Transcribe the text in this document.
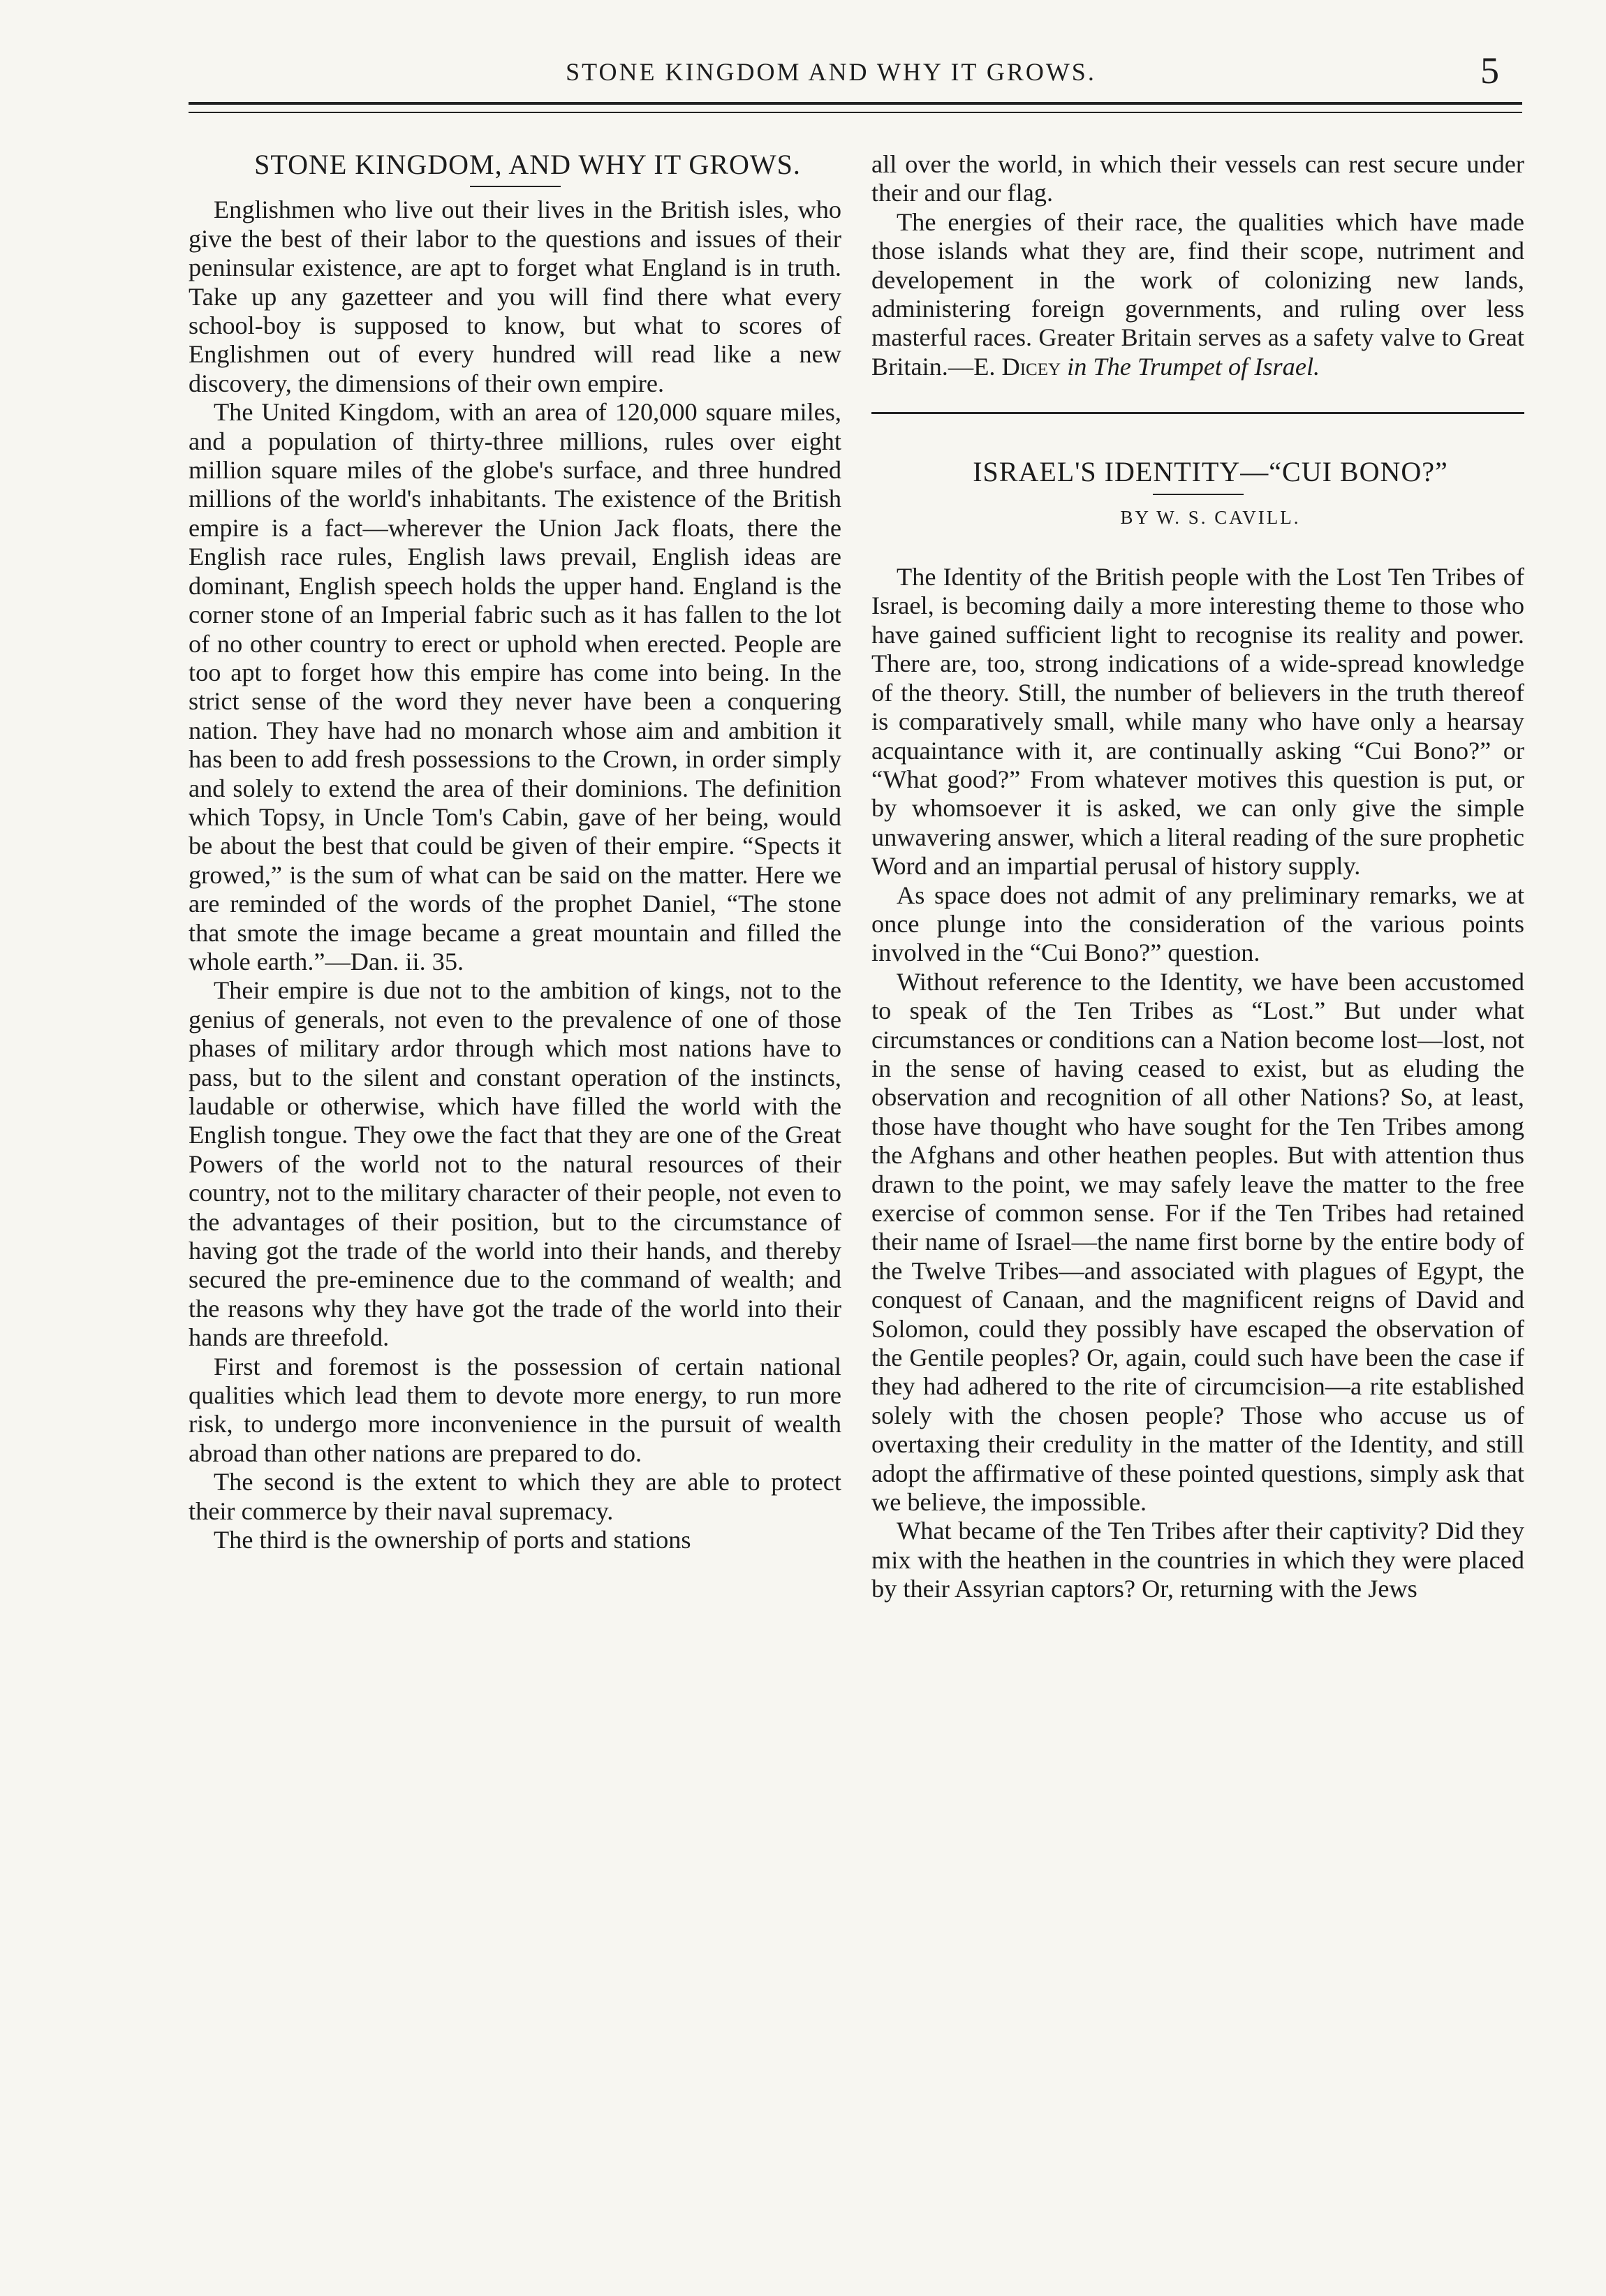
STONE KINGDOM AND WHY IT GROWS.	5

STONE KINGDOM, AND WHY IT GROWS.

Englishmen who live out their lives in the British isles, who give the best of their labor to the questions and issues of their peninsular existence, are apt to forget what England is in truth. Take up any gazetteer and you will find there what every school-boy is supposed to know, but what to scores of Englishmen out of every hundred will read like a new discovery, the dimensions of their own empire.

The United Kingdom, with an area of 120,000 square miles, and a population of thirty-three millions, rules over eight million square miles of the globe's surface, and three hundred millions of the world's inhabitants. The existence of the British empire is a fact—wherever the Union Jack floats, there the English race rules, English laws prevail, English ideas are dominant, English speech holds the upper hand. England is the corner stone of an Imperial fabric such as it has fallen to the lot of no other country to erect or uphold when erected. People are too apt to forget how this empire has come into being. In the strict sense of the word they never have been a conquering nation. They have had no monarch whose aim and ambition it has been to add fresh possessions to the Crown, in order simply and solely to extend the area of their dominions. The definition which Topsy, in Uncle Tom's Cabin, gave of her being, would be about the best that could be given of their empire. “Spects it growed,” is the sum of what can be said on the matter. Here we are reminded of the words of the prophet Daniel, “The stone that smote the image became a great mountain and filled the whole earth.”—Dan. ii. 35.

Their empire is due not to the ambition of kings, not to the genius of generals, not even to the prevalence of one of those phases of military ardor through which most nations have to pass, but to the silent and constant operation of the instincts, laudable or otherwise, which have filled the world with the English tongue. They owe the fact that they are one of the Great Powers of the world not to the natural resources of their country, not to the military character of their people, not even to the advantages of their position, but to the circumstance of having got the trade of the world into their hands, and thereby secured the pre-eminence due to the command of wealth; and the reasons why they have got the trade of the world into their hands are threefold.

First and foremost is the possession of certain national qualities which lead them to devote more energy, to run more risk, to undergo more inconvenience in the pursuit of wealth abroad than other nations are prepared to do.

The second is the extent to which they are able to protect their commerce by their naval supremacy.

The third is the ownership of ports and stations

all over the world, in which their vessels can rest secure under their and our flag.

The energies of their race, the qualities which have made those islands what they are, find their scope, nutriment and developement in the work of colonizing new lands, administering foreign governments, and ruling over less masterful races. Greater Britain serves as a safety valve to Great Britain.—E. Dicey in The Trumpet of Israel.

ISRAEL'S IDENTITY—“CUI BONO?”

BY W. S. CAVILL.

The Identity of the British people with the Lost Ten Tribes of Israel, is becoming daily a more interesting theme to those who have gained sufficient light to recognise its reality and power. There are, too, strong indications of a wide-spread knowledge of the theory. Still, the number of believers in the truth thereof is comparatively small, while many who have only a hearsay acquaintance with it, are continually asking “Cui Bono?” or “What good?” From whatever motives this question is put, or by whomsoever it is asked, we can only give the simple unwavering answer, which a literal reading of the sure prophetic Word and an impartial perusal of history supply.

As space does not admit of any preliminary remarks, we at once plunge into the consideration of the various points involved in the “Cui Bono?” question.

Without reference to the Identity, we have been accustomed to speak of the Ten Tribes as “Lost.” But under what circumstances or conditions can a Nation become lost—lost, not in the sense of having ceased to exist, but as eluding the observation and recognition of all other Nations? So, at least, those have thought who have sought for the Ten Tribes among the Afghans and other heathen peoples. But with attention thus drawn to the point, we may safely leave the matter to the free exercise of common sense. For if the Ten Tribes had retained their name of Israel—the name first borne by the entire body of the Twelve Tribes—and associated with plagues of Egypt, the conquest of Canaan, and the magnificent reigns of David and Solomon, could they possibly have escaped the observation of the Gentile peoples? Or, again, could such have been the case if they had adhered to the rite of circumcision—a rite established solely with the chosen people? Those who accuse us of overtaxing their credulity in the matter of the Identity, and still adopt the affirmative of these pointed questions, simply ask that we believe, the impossible.

What became of the Ten Tribes after their captivity? Did they mix with the heathen in the countries in which they were placed by their Assyrian captors? Or, returning with the Jews
